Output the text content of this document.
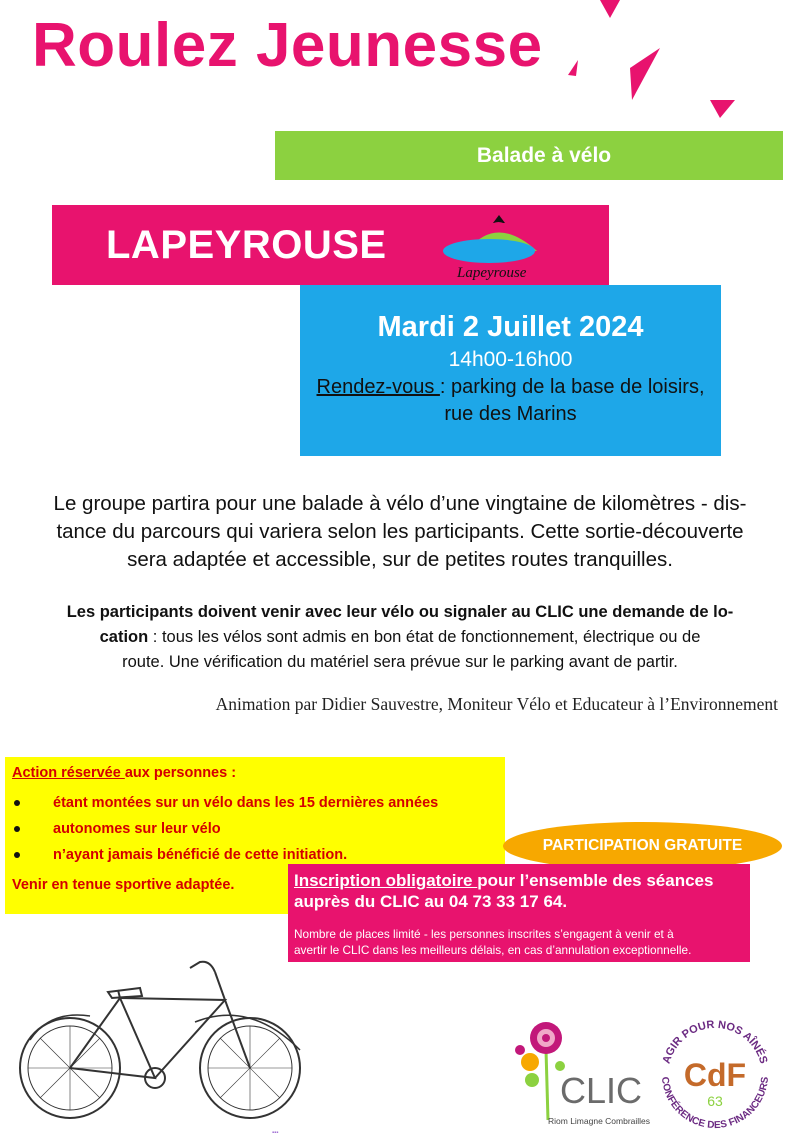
Roulez Jeunesse
Balade à vélo
LAPEYROUSE
Lapeyrouse
Mardi 2 Juillet 2024
14h00-16h00
Rendez-vous : parking de la base de loisirs,
rue des Marins
Le groupe partira pour une balade à vélo d’une vingtaine de kilomètres - dis-
tance du parcours qui variera selon les participants. Cette sortie-découverte
sera adaptée et accessible, sur de petites routes tranquilles.
Les participants doivent venir avec leur vélo ou signaler au CLIC une demande de lo-
cation : tous les vélos sont admis en bon état de fonctionnement, électrique ou de
route. Une vérification du matériel sera prévue sur le parking avant de partir.
Animation par Didier Sauvestre, Moniteur Vélo et Educateur à l’Environnement
Action réservée aux personnes :
étant montées sur un vélo dans les 15 dernières années
autonomes sur leur vélo
n’ayant jamais bénéficié de cette initiation.
Venir en tenue sportive adaptée.
PARTICIPATION GRATUITE
Inscription obligatoire pour l’ensemble des séances
auprès du CLIC au 04 73 33 17 64.
Nombre de places limité - les personnes inscrites s’engagent à venir et à
avertir le CLIC dans les meilleurs délais, en cas d’annulation exceptionnelle.
▪▪▪
CLIC
Riom Limagne Combrailles
AGIR POUR NOS AÎNÉS
CONFÉRENCE DES FINANCEURS
CdF
63
